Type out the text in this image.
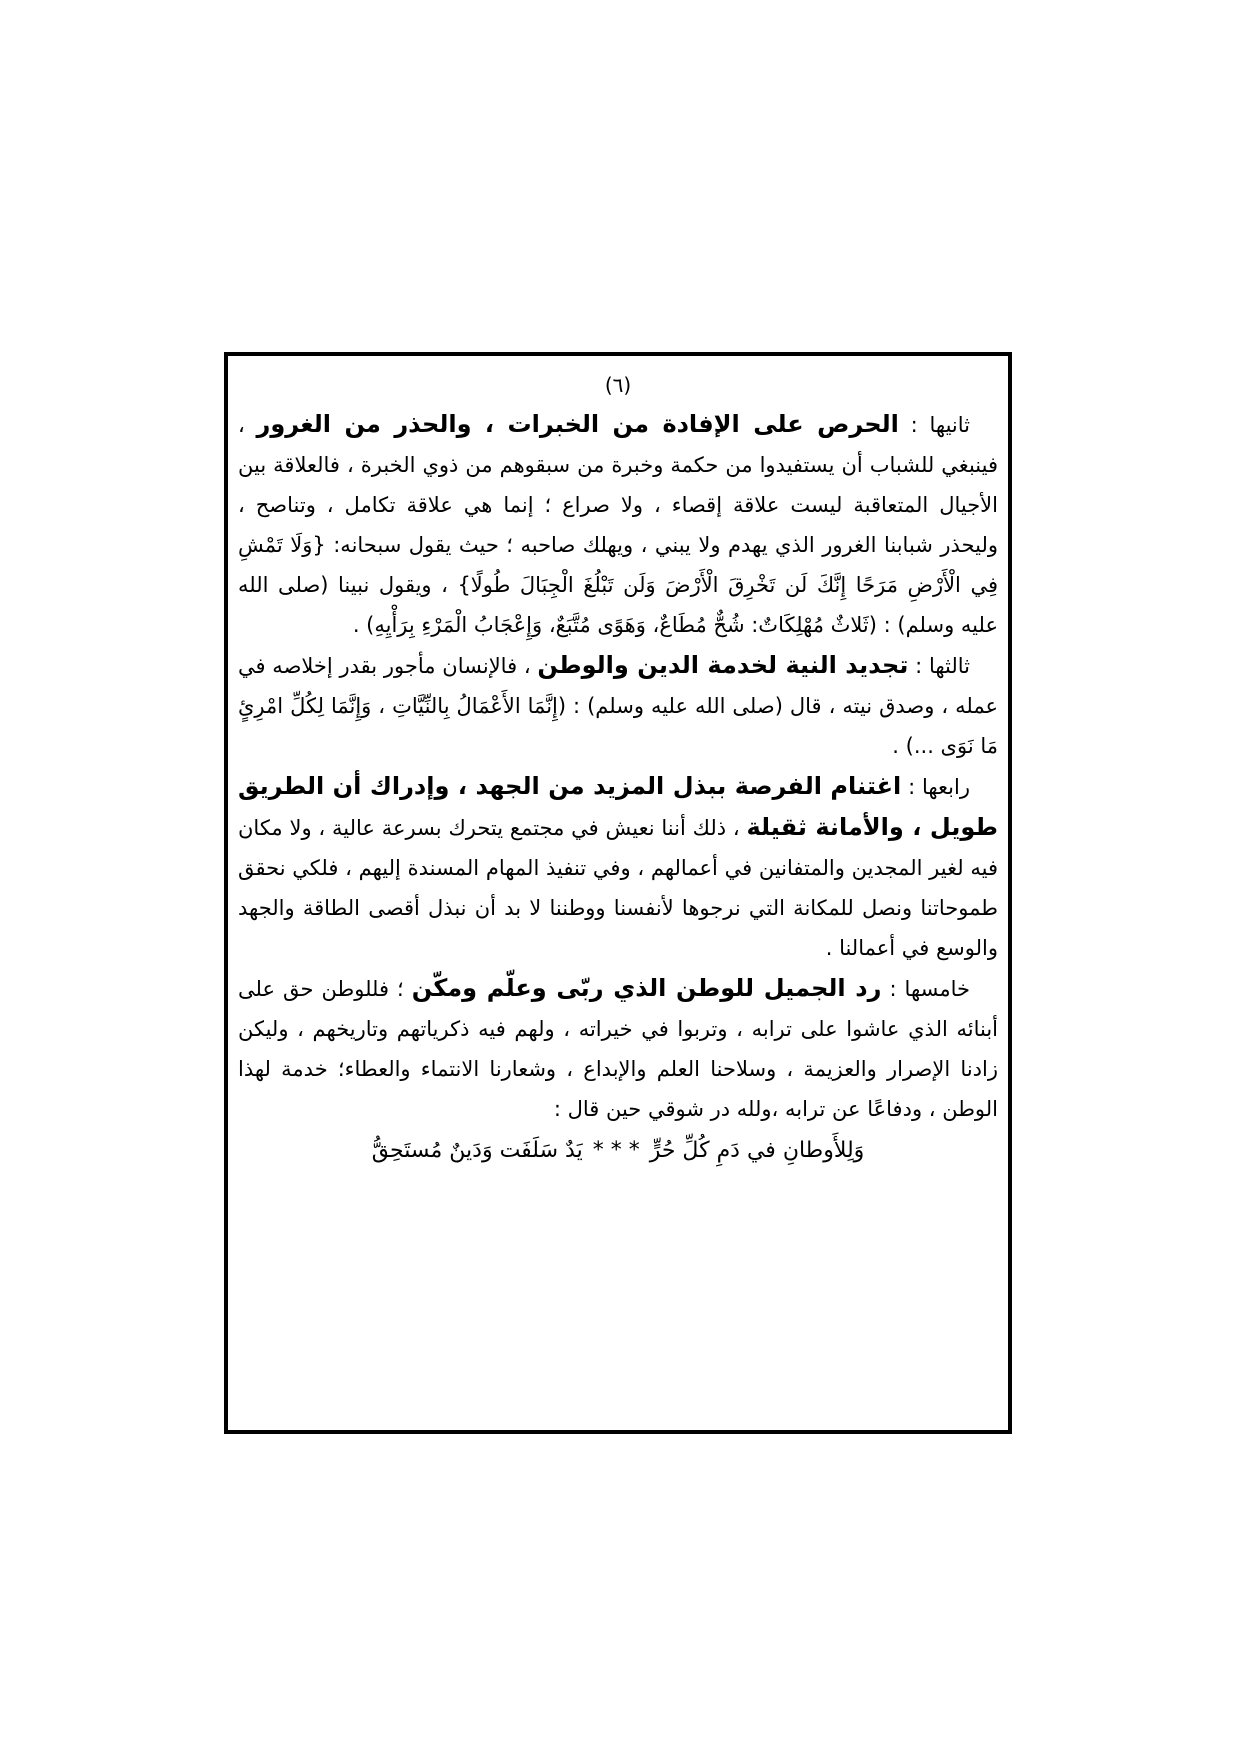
(٦)

ثانيها : الحرص على الإفادة من الخبرات ، والحذر من الغرور ، فينبغي للشباب أن يستفيدوا من حكمة وخبرة من سبقوهم من ذوي الخبرة ، فالعلاقة بين الأجيال المتعاقبة ليست علاقة إقصاء ، ولا صراع ؛ إنما هي علاقة تكامل ، وتناصح ، وليحذر شبابنا الغرور الذي يهدم ولا يبني ، ويهلك صاحبه ؛ حيث يقول سبحانه: {وَلَا تَمْشِ فِي الْأَرْضِ مَرَحًا إِنَّكَ لَن تَخْرِقَ الْأَرْضَ وَلَن تَبْلُغَ الْجِبَالَ طُولًا} ، ويقول نبينا (صلى الله عليه وسلم) : (ثَلاثٌ مُهْلِكَاتٌ: شُحٌّ مُطَاعٌ، وَهَوًى مُتَّبَعٌ، وَإِعْجَابُ الْمَرْءِ بِرَأْيِهِ) .

ثالثها : تجديد النية لخدمة الدين والوطن ، فالإنسان مأجور بقدر إخلاصه في عمله ، وصدق نيته ، قال (صلى الله عليه وسلم) : (إِنَّمَا الأَعْمَالُ بِالنِّيَّاتِ ، وَإِنَّمَا لِكُلِّ امْرِئٍ مَا نَوَى ...) .

رابعها : اغتنام الفرصة ببذل المزيد من الجهد ، وإدراك أن الطريق طويل ، والأمانة ثقيلة ، ذلك أننا نعيش في مجتمع يتحرك بسرعة عالية ، ولا مكان فيه لغير المجدين والمتفانين في أعمالهم ، وفي تنفيذ المهام المسندة إليهم ، فلكي نحقق طموحاتنا ونصل للمكانة التي نرجوها لأنفسنا ووطننا لا بد أن نبذل أقصى الطاقة والجهد والوسع في أعمالنا .

خامسها : رد الجميل للوطن الذي ربّى وعلّم ومكّن ؛ فللوطن حق على أبنائه الذي عاشوا على ترابه ، وتربوا في خيراته ، ولهم فيه ذكرياتهم وتاريخهم ، وليكن زادنا الإصرار والعزيمة ، وسلاحنا العلم والإبداع ، وشعارنا الانتماء والعطاء؛ خدمة لهذا الوطن ، ودفاعًا عن ترابه ،ولله در شوقي حين قال :

وَلِلأَوطانِ في دَمِ كُلِّ حُرٍّ* * *يَدٌ سَلَفَت وَدَينٌ مُستَحِقُّ
